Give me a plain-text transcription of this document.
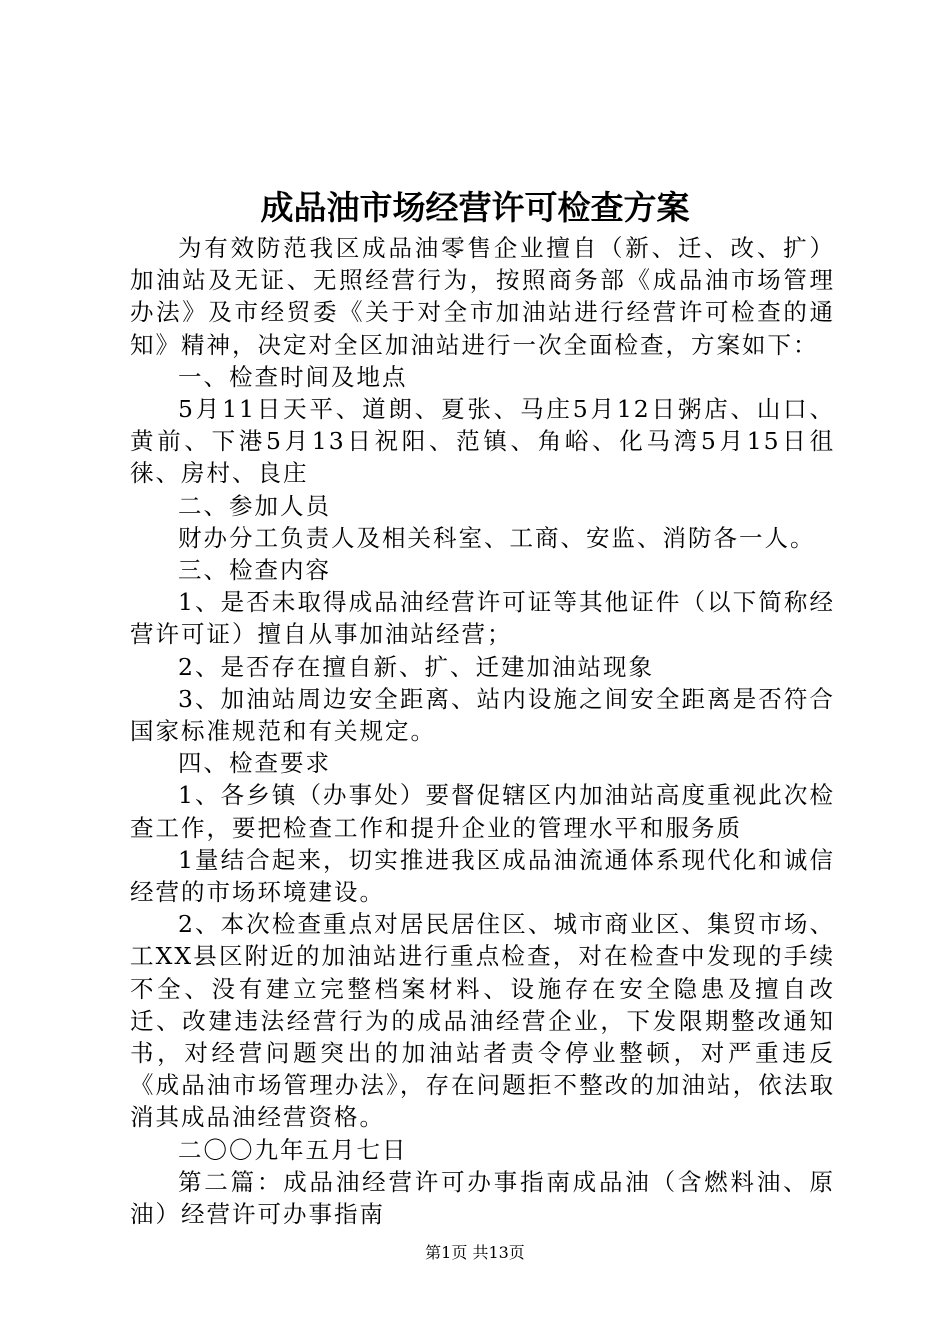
成品油市场经营许可检查方案

为有效防范我区成品油零售企业擅自（新、迁、改、扩）加油站及无证、无照经营行为，按照商务部《成品油市场管理办法》及市经贸委《关于对全市加油站进行经营许可检查的通知》精神，决定对全区加油站进行一次全面检查，方案如下：

一、检查时间及地点

5月11日天平、道朗、夏张、马庄5月12日粥店、山口、黄前、下港5月13日祝阳、范镇、角峪、化马湾5月15日徂徕、房村、良庄

二、参加人员

财办分工负责人及相关科室、工商、安监、消防各一人。

三、检查内容

1、是否未取得成品油经营许可证等其他证件（以下简称经营许可证）擅自从事加油站经营；

2、是否存在擅自新、扩、迁建加油站现象

3、加油站周边安全距离、站内设施之间安全距离是否符合国家标准规范和有关规定。

四、检查要求

1、各乡镇（办事处）要督促辖区内加油站高度重视此次检查工作，要把检查工作和提升企业的管理水平和服务质

1量结合起来，切实推进我区成品油流通体系现代化和诚信经营的市场环境建设。

2、本次检查重点对居民居住区、城市商业区、集贸市场、工XX县区附近的加油站进行重点检查，对在检查中发现的手续不全、没有建立完整档案材料、设施存在安全隐患及擅自改迁、改建违法经营行为的成品油经营企业，下发限期整改通知书，对经营问题突出的加油站者责令停业整顿，对严重违反《成品油市场管理办法》，存在问题拒不整改的加油站，依法取消其成品油经营资格。

二〇〇九年五月七日

第二篇：成品油经营许可办事指南成品油（含燃料油、原油）经营许可办事指南

第1页 共13页
